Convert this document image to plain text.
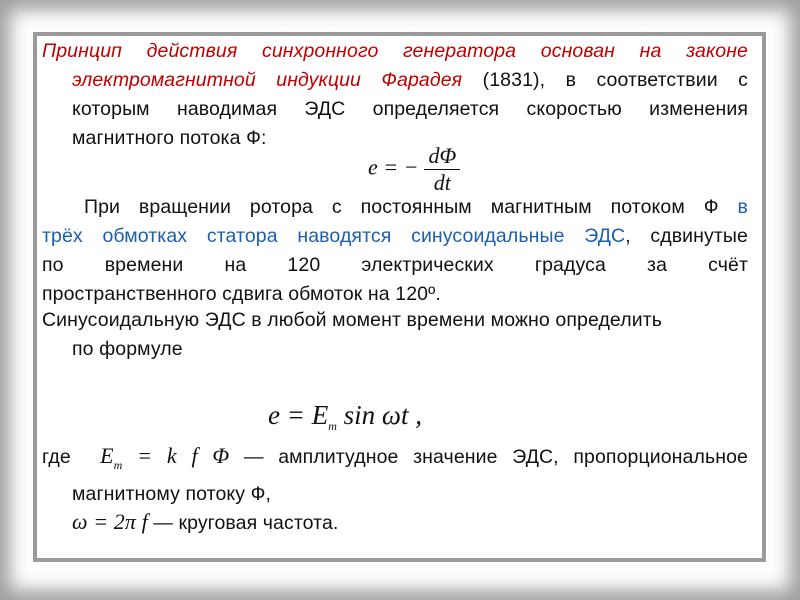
Принцип действия синхронного генератора основан на законе
электромагнитной индукции Фарадея (1831), в соответствии с
которым наводимая ЭДС определяется скоростью изменения
магнитного потока Ф:
e = − $\frac{d\Phi}{dt}$
При вращении ротора с постоянным магнитным потоком Ф в
трёх обмотках статора наводятся синусоидальные ЭДС, сдвинутые
по времени на 120 электрических градуса за счёт
пространственного сдвига обмоток на 120º.
Синусоидальную ЭДС в любой момент времени можно определить
по формуле
$e = E_m$ sin ωt ,
где $E_m = k$ f Φ — амплитудное значение ЭДС, пропорциональное
магнитному потоку Ф,
ω = 2π f — круговая частота.
